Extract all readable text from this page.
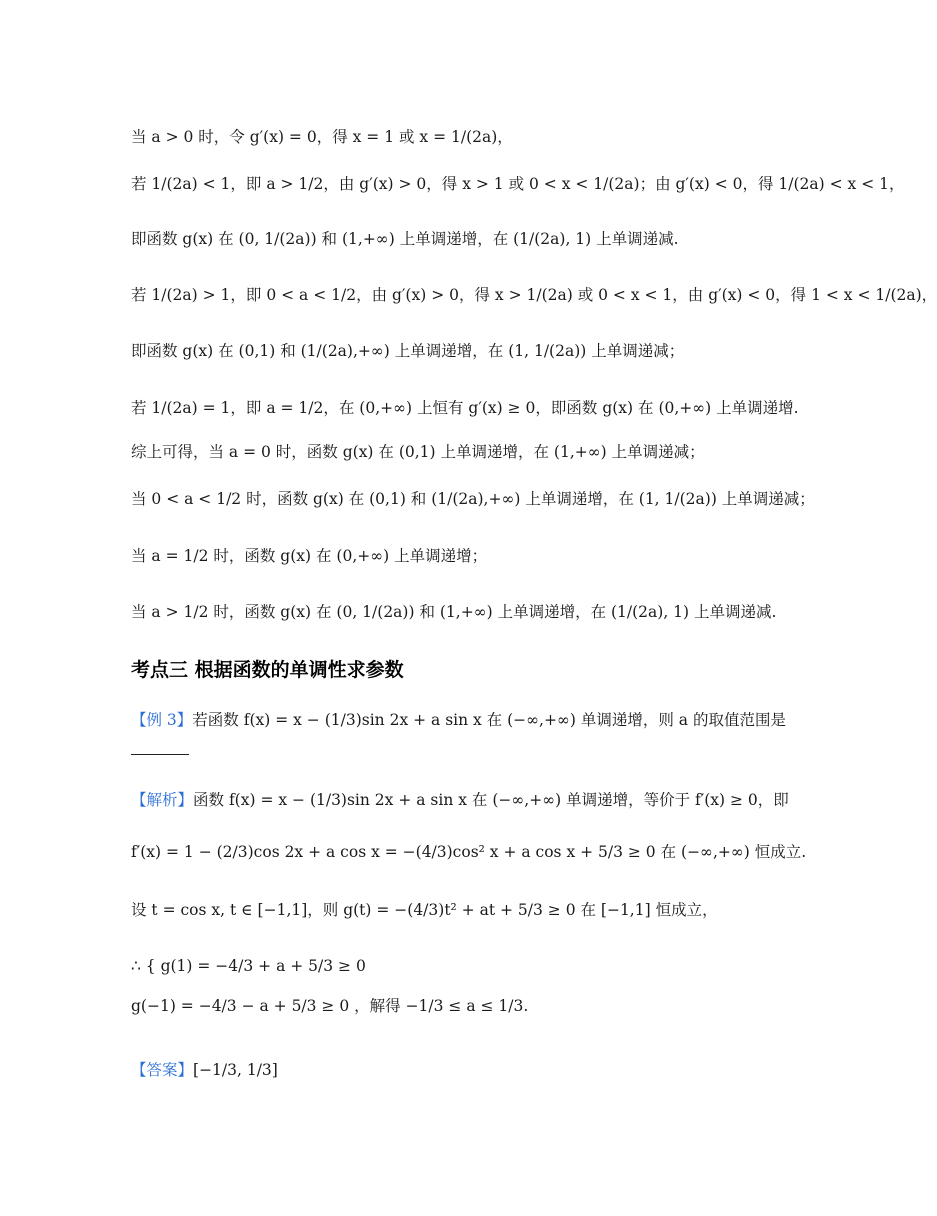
当 a > 0 时，令 g′(x) = 0，得 x = 1 或 x = 1/(2a)，
若 1/(2a) < 1，即 a > 1/2，由 g′(x) > 0，得 x > 1 或 0 < x < 1/(2a)；由 g′(x) < 0，得 1/(2a) < x < 1，
即函数 g(x) 在 (0, 1/(2a)) 和 (1,+∞) 上单调递增，在 (1/(2a), 1) 上单调递减.
若 1/(2a) > 1，即 0 < a < 1/2，由 g′(x) > 0，得 x > 1/(2a) 或 0 < x < 1，由 g′(x) < 0，得 1 < x < 1/(2a)，
即函数 g(x) 在 (0,1) 和 (1/(2a),+∞) 上单调递增，在 (1, 1/(2a)) 上单调递减；
若 1/(2a) = 1，即 a = 1/2，在 (0,+∞) 上恒有 g′(x) ≥ 0，即函数 g(x) 在 (0,+∞) 上单调递增.
综上可得，当 a = 0 时，函数 g(x) 在 (0,1) 上单调递增，在 (1,+∞) 上单调递减；
当 0 < a < 1/2 时，函数 g(x) 在 (0,1) 和 (1/(2a),+∞) 上单调递增，在 (1, 1/(2a)) 上单调递减；
当 a = 1/2 时，函数 g(x) 在 (0,+∞) 上单调递增；
当 a > 1/2 时，函数 g(x) 在 (0, 1/(2a)) 和 (1,+∞) 上单调递增，在 (1/(2a), 1) 上单调递减.
考点三 根据函数的单调性求参数
【例 3】若函数 f(x) = x − (1/3)sin 2x + a sin x 在 (−∞,+∞) 单调递增，则 a 的取值范围是
【解析】函数 f(x) = x − (1/3)sin 2x + a sin x 在 (−∞,+∞) 单调递增，等价于 f′(x) ≥ 0，即
f′(x) = 1 − (2/3)cos 2x + a cos x = −(4/3)cos² x + a cos x + 5/3 ≥ 0 在 (−∞,+∞) 恒成立.
设 t = cos x, t ∈ [−1,1]，则 g(t) = −(4/3)t² + at + 5/3 ≥ 0 在 [−1,1] 恒成立，
∴ { g(1) = −4/3 + a + 5/3 ≥ 0
g(−1) = −4/3 − a + 5/3 ≥ 0 ，解得 −1/3 ≤ a ≤ 1/3.
【答案】[−1/3, 1/3]
